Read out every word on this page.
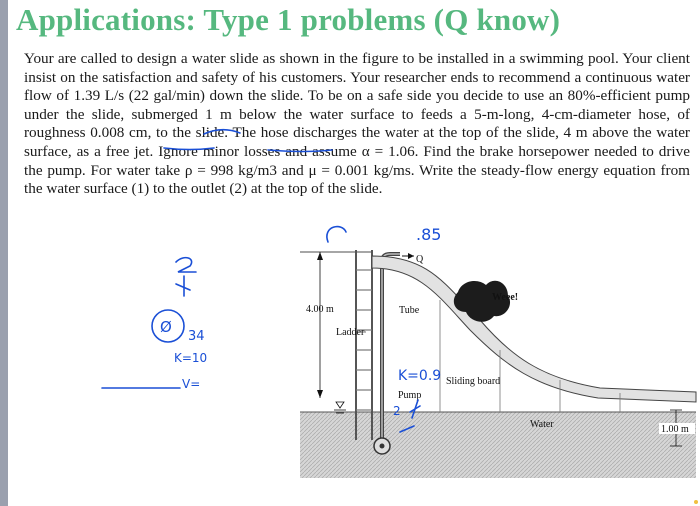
Applications: Type 1 problems (Q know)

Your are called to design a water slide as shown in the figure to be installed in a swimming pool. Your client insist on the satisfaction and safety of his customers. Your researcher ends to recommend a continuous water flow of 1.39 L/s (22 gal/min) down the slide. To be on a safe side you decide to use an 80%-efficient pump under the slide, submerged 1 m below the water surface to feeds a 5-m-long, 4-cm-diameter hose, of roughness 0.008 cm, to the slide. The hose discharges the water at the top of the slide, 4 m above the water surface, as a free jet. Ignore minor losses and assume α = 1.06. Find the brake horsepower needed to drive the pump. For water take ρ = 998 kg/m3 and μ = 0.001 kg/ms. Write the steady-flow energy equation from the water surface (1) to the outlet (2) at the top of the slide.

4.00 m
Ladder
Q
Tube
Weee!
Sliding board
Pump
Water	1.00 m
Ø
34
K=10
V=	K=0.9
.85
2
